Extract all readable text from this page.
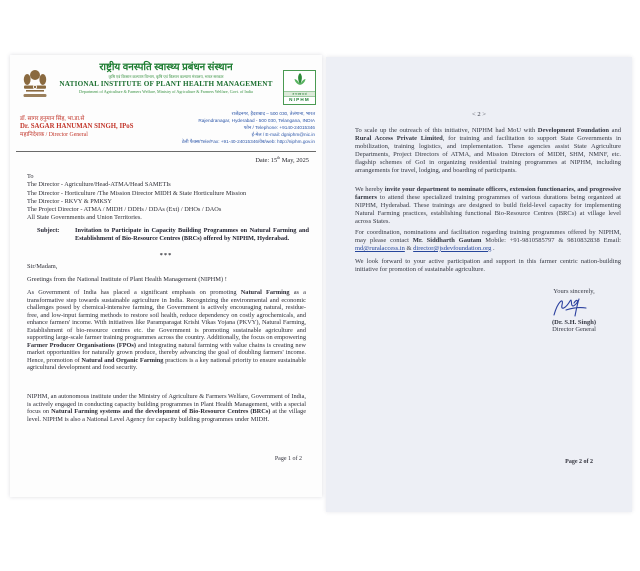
राष्ट्रीय वनस्पति स्वास्थ्य प्रबंधन संस्थान
कृषि एवं किसान कल्याण विभाग, कृषि एवं किसान कल्याण मंत्रालय, भारत सरकार
NATIONAL INSTITUTE OF PLANT HEALTH MANAGEMENT
Department of Agriculture & Farmers Welfare, Ministry of Agriculture & Farmers Welfare, Govt. of India	रा व स्वा प्र सं
NIPHM
डॉ. सागर हनुमान सिंह, भा.डा.से
Dr. SAGAR HANUMAN SINGH, IPoS
महानिदेशक / Director General
राजेंद्रनगर, हैदराबाद – 500 030, तेलंगाना, भारत
Rajendranagar, Hyderabad - 500 030, Telangana, INDIA
फोन / Telephone: +9140-24015346
ई-मेल / E-mail: dgniphm@nic.in
टेली फैक्स/Tele/Fax: +91-40-24015346/वेब/web: http://niphm.gov.in
Date: 15th May, 2025
To
The Director - Agriculture/Head-ATMA/Head SAMETIs
The Director - Horticulture /The Mission Director MIDH & State Horticulture Mission
The Director - RKVY & PMKSY
The Project Director - ATMA / MIDH / DDHs / DDAs (Ext) / DHOs / DAOs
All State Governments and Union Territories.
Subject:	Invitation to Participate in Capacity Building Programmes on Natural Farming and Establishment of Bio-Resource Centres (BRCs) offered by NIPHM, Hyderabad.
***
Sir/Madam,
Greetings from the National Institute of Plant Health Management (NIPHM) !
As Government of India has placed a significant emphasis on promoting Natural Farming as a transformative step towards sustainable agriculture in India. Recognizing the environmental and economic challenges posed by chemical-intensive farming, the Government is actively encouraging natural, residue-free, and low-input farming methods to restore soil health, reduce dependency on costly agrochemicals, and enhance farmers' income. With initiatives like Paramparagat Krishi Vikas Yojana (PKVY), Natural Farming, Establishment of bio-resource centres etc. the Government is promoting sustainable agriculture and supporting large-scale farmer training programmes across the country. Additionally, the focus on empowering Farmer Producer Organisations (FPOs) and integrating natural farming with value chains is creating new market opportunities for naturally grown produce, thereby advancing the goal of doubling farmers' income. Hence, promotion of Natural and Organic Farming practices is a key national priority to ensure sustainable agricultural development and food security.
NIPHM, an autonomous institute under the Ministry of Agriculture & Farmers Welfare, Government of India, is actively engaged in conducting capacity building programmes in Plant Health Management, with a special focus on Natural Farming systems and the development of Bio-Resource Centres (BRCs) at the village level. NIPHM is also a National Level Agency for capacity building programmes under MIDH.
Page 1 of 2
< 2 >
To scale up the outreach of this initiative, NIPHM had MoU with Development Foundation and Rural Access Private Limited, for training and facilitation to support State Governments in mobilization, training logistics, and implementation. These agencies assist State Agriculture Departments, Project Directors of ATMA, and Mission Directors of MIDH, SHM, NMNF, etc. flagship schemes of GoI in organizing residential training programmes at NIPHM, including arrangements for travel, lodging, and boarding of participants.
We hereby invite your department to nominate officers, extension functionaries, and progressive farmers to attend these specialized training programmes of various durations being organized at NIPHM, Hyderabad. These trainings are designed to build field-level capacity for implementing Natural Farming practices, establishing functional Bio-Resource Centres (BRCs) at village level across States.
For coordination, nominations and facilitation regarding training programmes offered by NIPHM, may please contact Mr. Siddharth Gautam Mobile: +91-9810585797 & 9810832838 Email: md@ruralaccess.in & director@jsdevfoundation.org .
We look forward to your active participation and support in this farmer centric nation-building initiative for promotion of sustainable agriculture.
Yours sincerely,
(Dr. S.H. Singh)
Director General
Page 2 of 2
